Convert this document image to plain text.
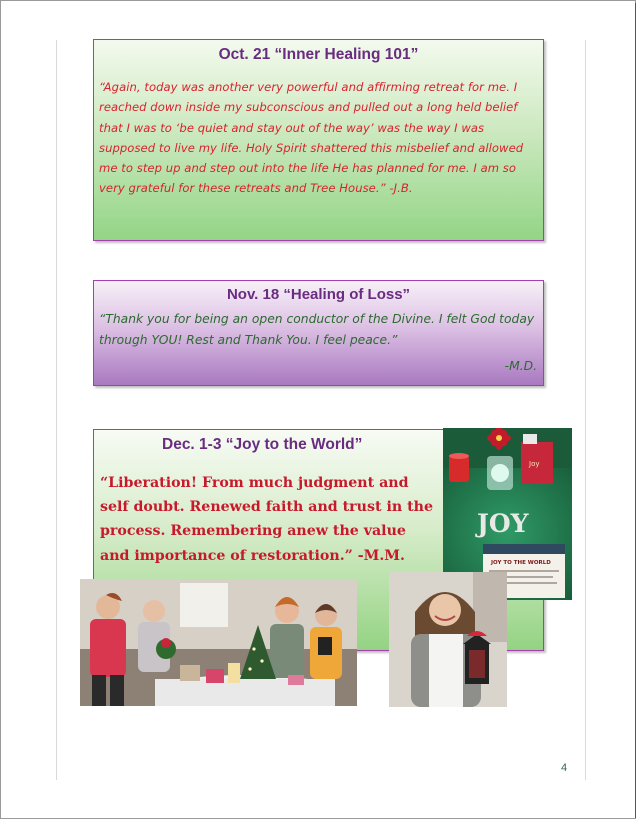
Oct. 21 “Inner Healing 101”
“Again, today was another very powerful and affirming retreat for me. I reached down inside my subconscious and pulled out a long held belief that I was to ‘be quiet and stay out of the way’ was the way I was supposed to live my life. Holy Spirit shattered this misbelief and allowed me to step up and step out into the life He has planned for me. I am so very grateful for these retreats and Tree House.” -J.B.
Nov. 18 “Healing of Loss”
“Thank you for being an open conductor of the Divine. I felt God today through YOU! Rest and Thank You. I feel peace.”
-M.D.
Dec. 1-3 “Joy to the World”
“Liberation! From much judgment and self doubt. Renewed faith and trust in the process. Remembering anew the value and importance of restoration.” -M.M.
JOY
JOY TO THE WORLD
Joy
4
